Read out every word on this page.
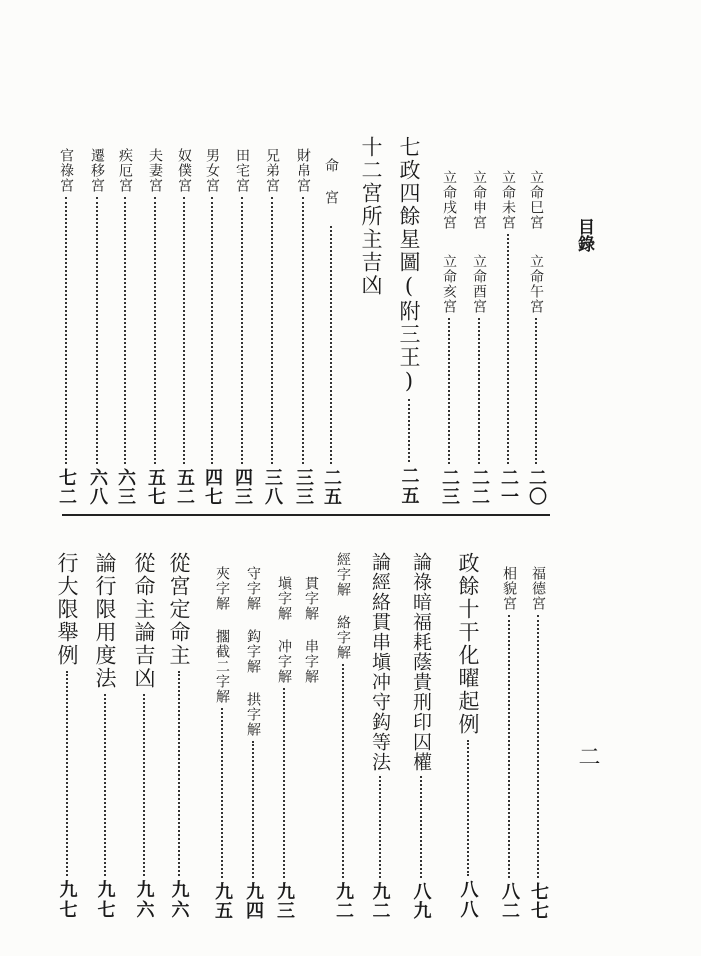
目錄
二
立命巳宮
立命午宮
二〇
立命未宮
二一
立命申宮
立命酉宮
二二
立命戌宮
立命亥宮
二三
七政四餘星圖(附三王)
二五
十二宮所主吉凶
命宮
二五
財帛宮
三三
兄弟宮
三八
田宅宮
四三
男女宮
四七
奴僕宮
五二
夫妻宮
五七
疾厄宮
六三
遷移宮
六八
官祿宮
七二
福德宮
七七
相貌宮
八二
政餘十干化曜起例
八八
論祿暗福耗蔭貴刑印囚權
八九
論經絡貫串塡冲守鈎等法
九二
經字解
絡字解
九二
貫字解
串字解
塡字解
冲字解
九三
守字解
鈎字解
拱字解
九四
夾字解
擱截二字解
九五
從宮定命主
九六
從命主論吉凶
九六
論行限用度法
九七
行大限舉例
九七
